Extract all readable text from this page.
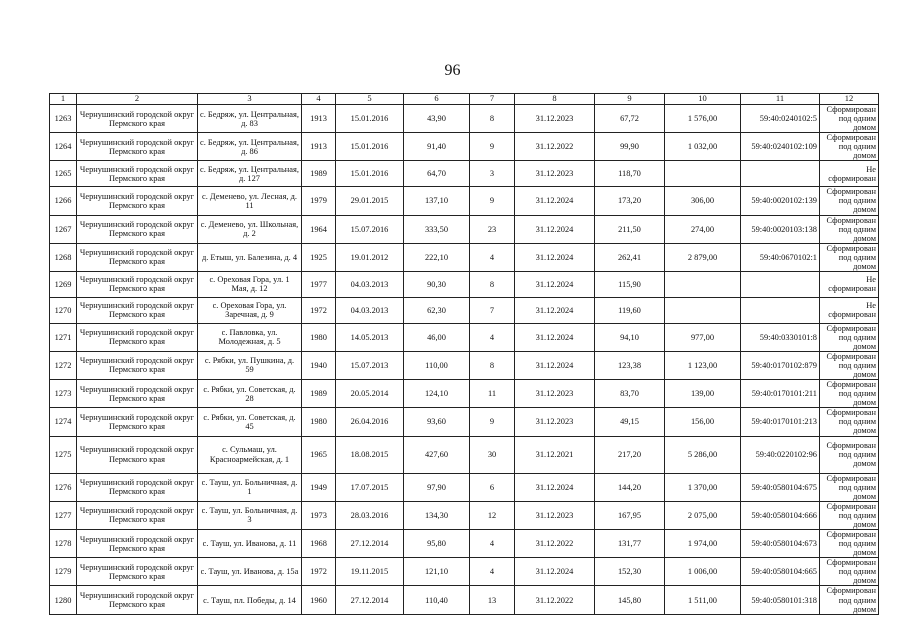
96
1	2	3	4	5	6	7	8	9	10	11	12
1263	Чернушинский городской округ Пермского края	с. Бедряж, ул. Центральная, д. 83	1913	15.01.2016	43,90	8	31.12.2023	67,72	1 576,00	59:40:0240102:5	Сформирован под одним домом
1264	Чернушинский городской округ Пермского края	с. Бедряж, ул. Центральная, д. 86	1913	15.01.2016	91,40	9	31.12.2022	99,90	1 032,00	59:40:0240102:109	Сформирован под одним домом
1265	Чернушинский городской округ Пермского края	с. Бедряж, ул. Центральная, д. 127	1989	15.01.2016	64,70	3	31.12.2023	118,70			Не сформирован
1266	Чернушинский городской округ Пермского края	с. Деменево, ул. Лесная, д. 11	1979	29.01.2015	137,10	9	31.12.2024	173,20	306,00	59:40:0020102:139	Сформирован под одним домом
1267	Чернушинский городской округ Пермского края	с. Деменево, ул. Школьная, д. 2	1964	15.07.2016	333,50	23	31.12.2024	211,50	274,00	59:40:0020103:138	Сформирован под одним домом
1268	Чернушинский городской округ Пермского края	д. Етыш, ул. Балезина, д. 4	1925	19.01.2012	222,10	4	31.12.2024	262,41	2 879,00	59:40:0670102:1	Сформирован под одним домом
1269	Чернушинский городской округ Пермского края	с. Ореховая Гора, ул. 1 Мая, д. 12	1977	04.03.2013	90,30	8	31.12.2024	115,90			Не сформирован
1270	Чернушинский городской округ Пермского края	с. Ореховая Гора, ул. Заречная, д. 9	1972	04.03.2013	62,30	7	31.12.2024	119,60			Не сформирован
1271	Чернушинский городской округ Пермского края	с. Павловка, ул. Молодежная, д. 5	1980	14.05.2013	46,00	4	31.12.2024	94,10	977,00	59:40:0330101:8	Сформирован под одним домом
1272	Чернушинский городской округ Пермского края	с. Рябки, ул. Пушкина, д. 59	1940	15.07.2013	110,00	8	31.12.2024	123,38	1 123,00	59:40:0170102:879	Сформирован под одним домом
1273	Чернушинский городской округ Пермского края	с. Рябки, ул. Советская, д. 28	1989	20.05.2014	124,10	11	31.12.2023	83,70	139,00	59:40:0170101:211	Сформирован под одним домом
1274	Чернушинский городской округ Пермского края	с. Рябки, ул. Советская, д. 45	1980	26.04.2016	93,60	9	31.12.2023	49,15	156,00	59:40:0170101:213	Сформирован под одним домом
1275	Чернушинский городской округ Пермского края	с. Сульмаш, ул. Красноармейская, д. 1	1965	18.08.2015	427,60	30	31.12.2021	217,20	5 286,00	59:40:0220102:96	Сформирован под одним домом
1276	Чернушинский городской округ Пермского края	с. Тауш, ул. Больничная, д. 1	1949	17.07.2015	97,90	6	31.12.2024	144,20	1 370,00	59:40:0580104:675	Сформирован под одним домом
1277	Чернушинский городской округ Пермского края	с. Тауш, ул. Больничная, д. 3	1973	28.03.2016	134,30	12	31.12.2023	167,95	2 075,00	59:40:0580104:666	Сформирован под одним домом
1278	Чернушинский городской округ Пермского края	с. Тауш, ул. Иванова, д. 11	1968	27.12.2014	95,80	4	31.12.2022	131,77	1 974,00	59:40:0580104:673	Сформирован под одним домом
1279	Чернушинский городской округ Пермского края	с. Тауш, ул. Иванова, д. 15а	1972	19.11.2015	121,10	4	31.12.2024	152,30	1 006,00	59:40:0580104:665	Сформирован под одним домом
1280	Чернушинский городской округ Пермского края	с. Тауш, пл. Победы, д. 14	1960	27.12.2014	110,40	13	31.12.2022	145,80	1 511,00	59:40:0580101:318	Сформирован под одним домом
